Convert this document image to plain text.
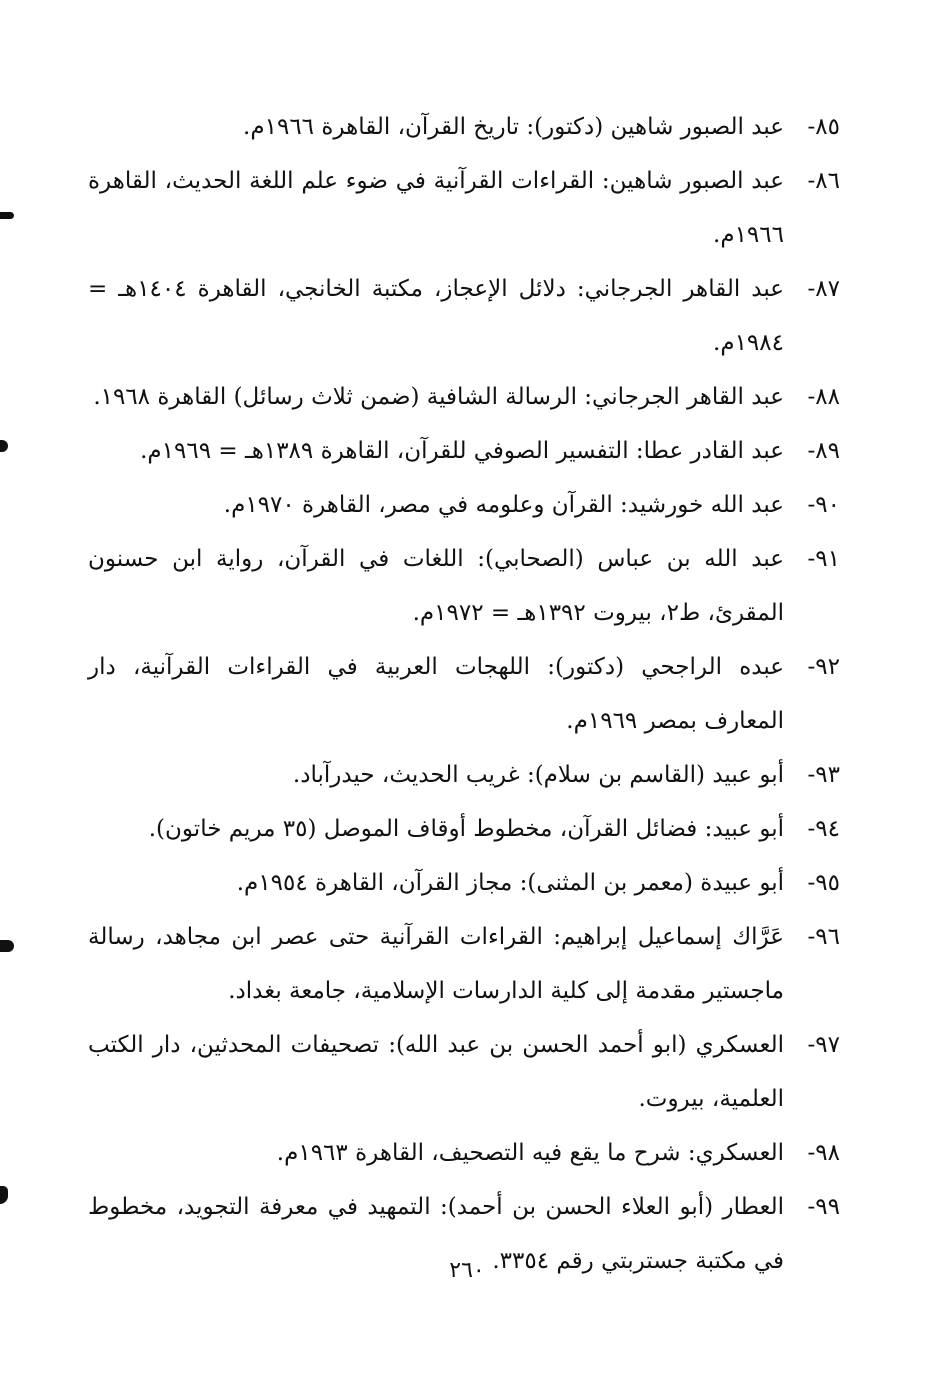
٨٥-
عبد الصبور شاهين (دكتور): تاريخ القرآن، القاهرة ١٩٦٦م.
٨٦-
عبد الصبور شاهين: القراءات القرآنية في ضوء علم اللغة الحديث، القاهرة ١٩٦٦م.
٨٧-
عبد القاهر الجرجاني: دلائل الإعجاز، مكتبة الخانجي، القاهرة ١٤٠٤هـ = ١٩٨٤م.
٨٨-
عبد القاهر الجرجاني: الرسالة الشافية (ضمن ثلاث رسائل) القاهرة ١٩٦٨.
٨٩-
عبد القادر عطا: التفسير الصوفي للقرآن، القاهرة ١٣٨٩هـ = ١٩٦٩م.
٩٠-
عبد الله خورشيد: القرآن وعلومه في مصر، القاهرة ١٩٧٠م.
٩١-
عبد الله بن عباس (الصحابي): اللغات في القرآن، رواية ابن حسنون المقرئ، ط٢، بيروت ١٣٩٢هـ = ١٩٧٢م.
٩٢-
عبده الراجحي (دكتور): اللهجات العربية في القراءات القرآنية، دار المعارف بمصر ١٩٦٩م.
٩٣-
أبو عبيد (القاسم بن سلام): غريب الحديث، حيدرآباد.
٩٤-
أبو عبيد: فضائل القرآن، مخطوط أوقاف الموصل (٣٥ مريم خاتون).
٩٥-
أبو عبيدة (معمر بن المثنى): مجاز القرآن، القاهرة ١٩٥٤م.
٩٦-
عَرَّاك إسماعيل إبراهيم: القراءات القرآنية حتى عصر ابن مجاهد، رسالة ماجستير مقدمة إلى كلية الدارسات الإسلامية، جامعة بغداد.
٩٧-
العسكري (ابو أحمد الحسن بن عبد الله): تصحيفات المحدثين، دار الكتب العلمية، بيروت.
٩٨-
العسكري: شرح ما يقع فيه التصحيف، القاهرة ١٩٦٣م.
٩٩-
العطار (أبو العلاء الحسن بن أحمد): التمهيد في معرفة التجويد، مخطوط في مكتبة جستربتي رقم ٣٣٥٤.
٢٦٠
